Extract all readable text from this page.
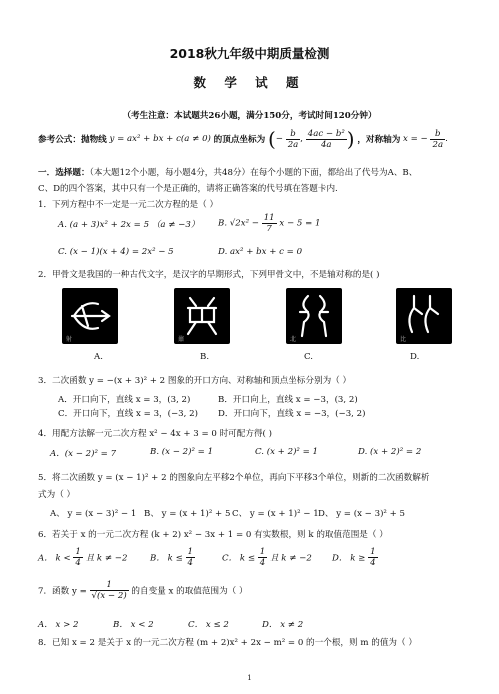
2018秋九年级中期质量检测
数 学 试 题
（考生注意：本试题共26小题，满分150分，考试时间120分钟）
参考公式：抛物线 y = ax² + bx + c(a ≠ 0) 的顶点坐标为 (− $\frac{b}{2a}$ , $\frac{\text{4ac − b²}}{4a}$ ) ，对称轴为 x = − $\frac{b}{2a}$ .
一．选择题：（本大题12个小题，每小题4分，共48分）在每个小题的下面，都给出了代号为A、B、
C、D的四个答案，其中只有一个是正确的，请将正确答案的代号填在答题卡内.
1．下列方程中不一定是一元二次方程的是（ ）
A. (a + 3)x² + 2x = 5 （a ≠ −3） B. $√2x^2 - \frac{11}{7}$ x − 5 = 1
C. (x − 1)(x + 4) = 2x² − 5	D. ax² + bx + c = 0
2．甲骨文是我国的一种古代文字，是汉字的早期形式，下列甲骨文中，不是轴对称的是( )
射	鼐	北	比
A.	B.	C.	D.
3．二次函数 y = −(x + 3)² + 2 图象的开口方向、对称轴和顶点坐标分别为（ ）
A．开口向下，直线 x = 3，(3, 2)	B．开口向上，直线 x = −3，(3, 2)
C．开口向下，直线 x = 3，(−3, 2) D．开口向下，直线 x = −3，(−3, 2)
4．用配方法解一元二次方程 x² − 4x + 3 = 0 时可配方得( )
A．(x − 2)² = 7	B. (x − 2)² = 1	C. (x + 2)² = 1	D. (x + 2)² = 2
5．将二次函数 y = (x − 1)² + 2 的图象向左平移2个单位，再向下平移3个单位，则新的二次函数解析
式为（ ）
A、 y = (x − 3)² − 1 B、 y = (x + 1)² + 5 C、 y = (x + 1)² − 1 D、 y = (x − 3)² + 5
6．若关于 x 的一元二次方程 (k + 2) x² − 3x + 1 = 0 有实数根，则 k 的取值范围是（ ）
A． $k < \frac{1}{4}$ 且 k ≠ −2	B． $k \le \frac{1}{4}$	C． $k \le \frac{1}{4}$ 且 k ≠ −2 D． $k \ge \frac{1}{4}$
7．函数 $y = \frac{1}{√(x - 2)}$ 的自变量 x 的取值范围为（ ）
A． x > 2	B． x < 2	C． x ≤ 2	D． x ≠ 2
8．已知 x = 2 是关于 x 的一元二次方程 (m + 2)x² + 2x − m² = 0 的一个根，则 m 的值为（ ）
1
